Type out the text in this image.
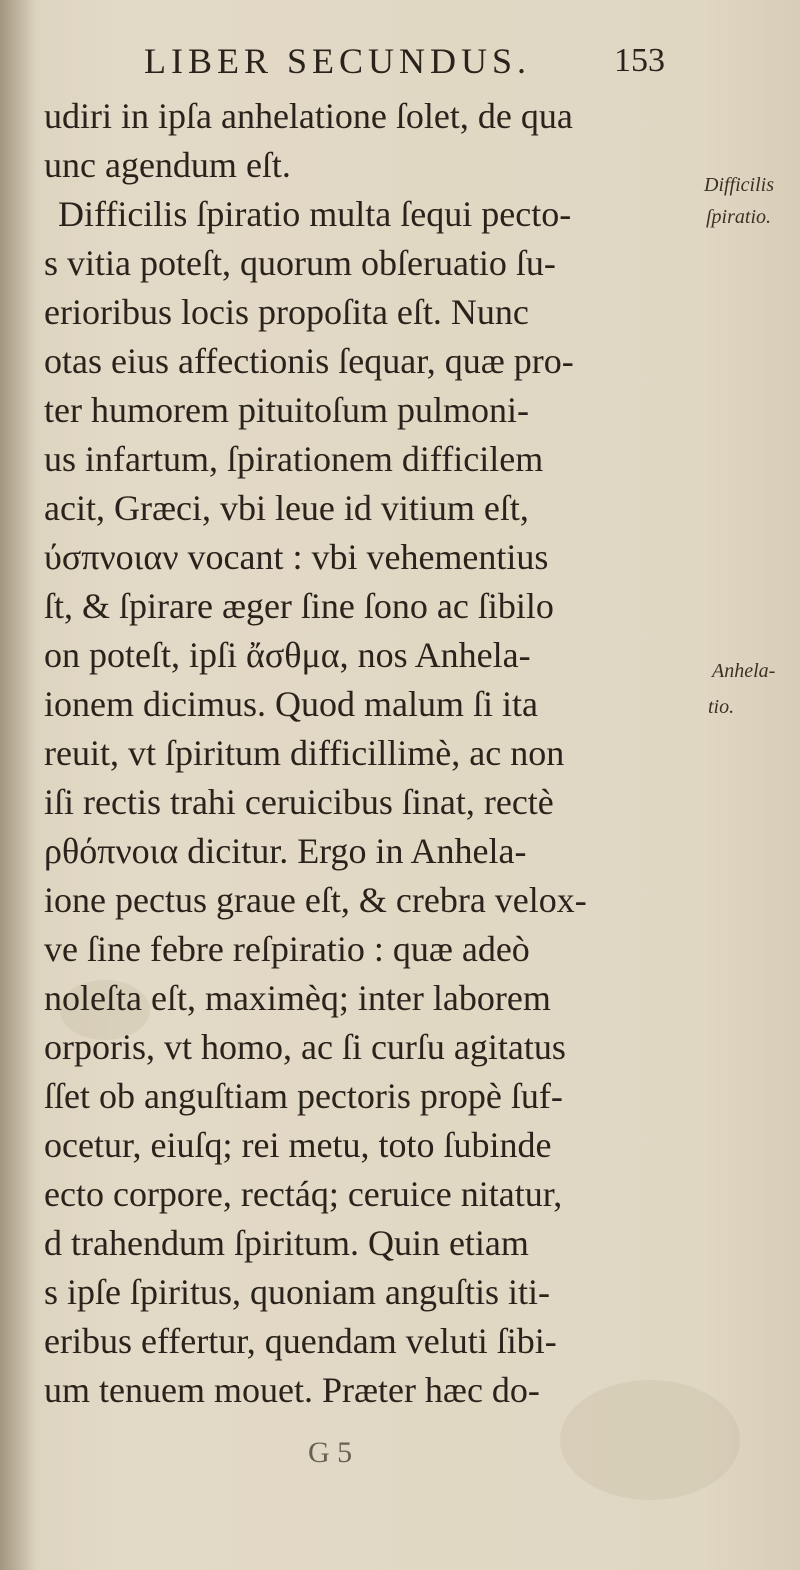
LIBER SECUNDUS. 153
udiri in ipſa anhelatione ſolet, de qua
unc agendum eſt.
Difficilis ſpiratio multa ſequi pecto-
s vitia poteſt, quorum obſeruatio ſu-
erioribus locis propoſita eſt. Nunc
otas eius affectionis ſequar, quæ pro-
ter humorem pituitoſum pulmoni-
us infartum, ſpirationem difficilem
acit, Græci, vbi leue id vitium eſt,
ύσπνοιαν vocant : vbi vehementius
ſt, & ſpirare æger ſine ſono ac ſibilo
on poteſt, ipſi ἄσθμα, nos Anhela-
ionem dicimus. Quod malum ſi ita
reuit, vt ſpiritum difficillimè, ac non
iſi rectis trahi ceruicibus ſinat, rectè
ρθόπνοια dicitur. Ergo in Anhela-
ione pectus graue eſt, & crebra velox-
ve ſine febre reſpiratio : quæ adeò
noleſta eſt, maximèq; inter laborem
orporis, vt homo, ac ſi curſu agitatus
ſſet ob anguſtiam pectoris propè ſuf-
ocetur, eiuſq; rei metu, toto ſubinde
ecto corpore, rectáq; ceruice nitatur,
d trahendum ſpiritum. Quin etiam
s ipſe ſpiritus, quoniam anguſtis iti-
eribus effertur, quendam veluti ſibi-
um tenuem mouet. Præter hæc do-
Difficilis
ſpiratio.
Anhela-
tio.
G 5
